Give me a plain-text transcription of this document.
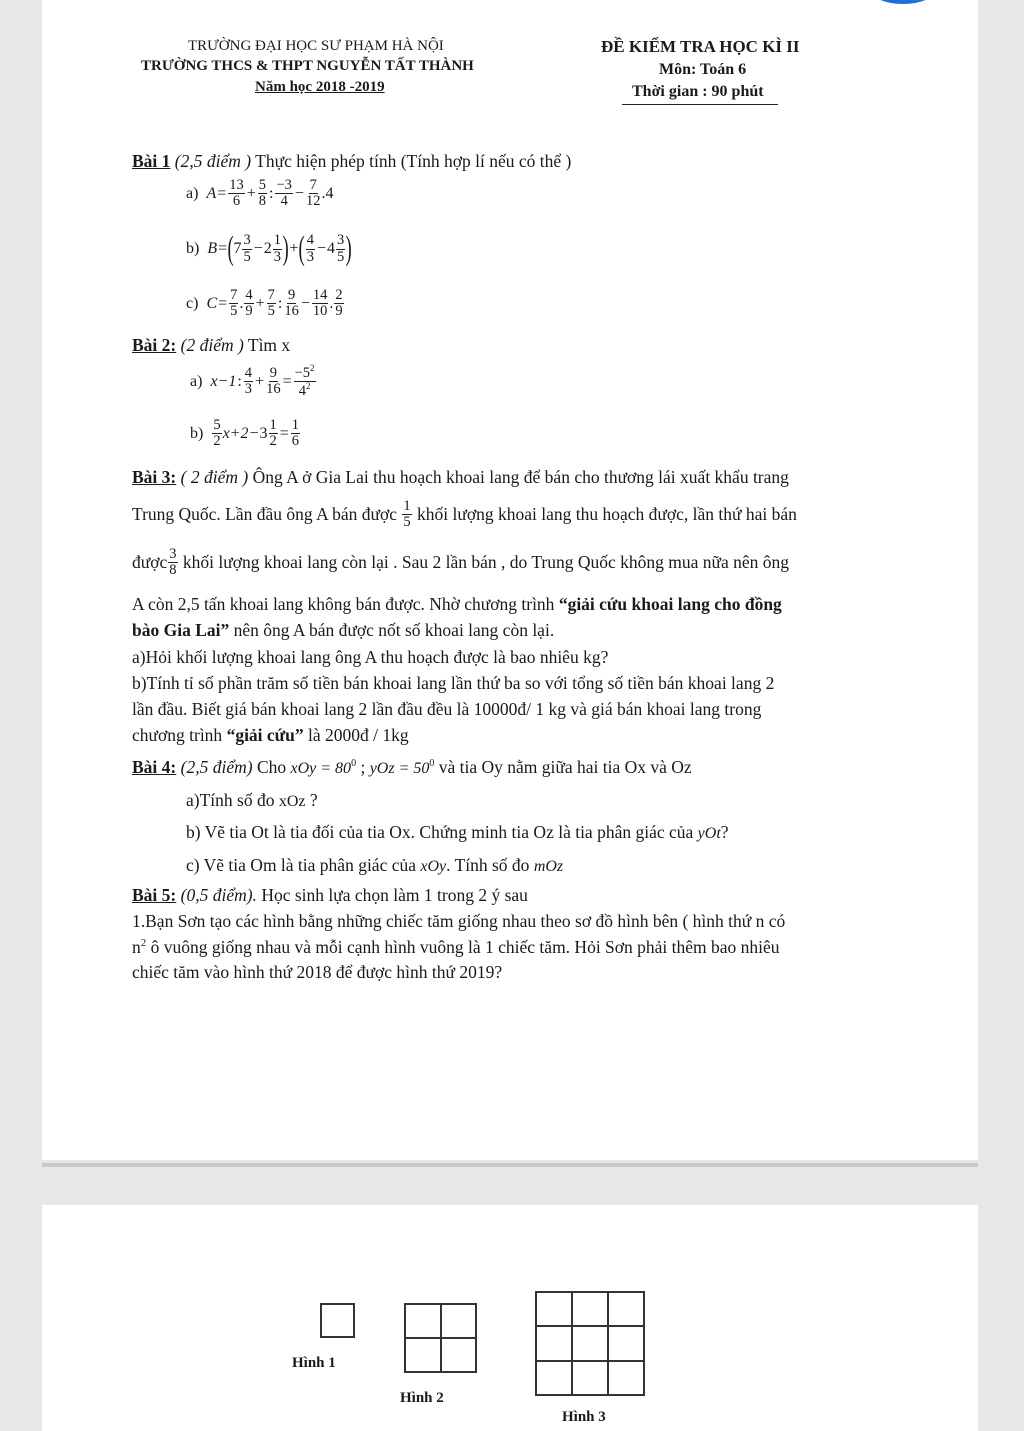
TRƯỜNG ĐẠI HỌC SƯ PHẠM HÀ NỘI
TRƯỜNG THCS & THPT NGUYỄN TẤT THÀNH
Năm học 2018 -2019
ĐỀ KIỂM TRA HỌC KÌ II
Môn: Toán 6
Thời gian : 90 phút
Bài 1 (2,5 điểm ) Thực hiện phép tính (Tính hợp lí nếu có thể )
a) $A = \frac{13}{6} + \frac{5}{8}$ : $\frac{-3}{4} - \frac{7}{12}$ . 4
b) B = ( $7 \frac{3}{5} - 2 \frac{1}{3}$ ) + ( $\frac{4}{3} - 4 \frac{3}{5}$ )
c) $C = \frac{7}{5}$ . $\frac{4}{9} + \frac{7}{5}$ : $\frac{9}{16} - \frac{14}{10}$ . $\frac{2}{9}$
Bài 2: (2 điểm ) Tìm x
a) x−1 : $\frac{4}{3} + \frac{9}{16} = \frac{-5^2}{4^2}$
$b) \frac{5}{2} x+2 - 3 \frac{1}{2} = \frac{1}{6}$
Bài 3: ( 2 điểm ) Ông A ở Gia Lai thu hoạch khoai lang để bán cho thương lái xuất khẩu trang
Trung Quốc. Lần đầu ông A bán được
$\frac{1}{5}$
khối lượng khoai lang thu hoạch được, lần thứ hai bán
được $\frac{3}{8}$
khối lượng khoai lang còn lại . Sau 2 lần bán , do Trung Quốc không mua nữa nên ông
A còn 2,5 tấn khoai lang không bán được. Nhờ chương trình “giải cứu khoai lang cho đồng
bào Gia Lai” nên ông A bán được nốt số khoai lang còn lại.
a)Hỏi khối lượng khoai lang ông A thu hoạch được là bao nhiêu kg?
b)Tính tỉ số phần trăm số tiền bán khoai lang lần thứ ba so với tổng số tiền bán khoai lang 2
lần đầu. Biết giá bán khoai lang 2 lần đầu đều là 10000đ/ 1 kg và giá bán khoai lang trong
chương trình “giải cứu” là 2000đ / 1kg
Bài 4: (2,5 điểm) Cho xOy = $80^0$ ; yOz = $50^0$ và tia Oy nằm giữa hai tia Ox và Oz
a)Tính số đo xOz ?
b) Vẽ tia Ot là tia đối của tia Ox. Chứng minh tia Oz là tia phân giác của yOt?
c) Vẽ tia Om là tia phân giác của xOy. Tính số đo mOz
Bài 5: (0,5 điểm). Học sinh lựa chọn làm 1 trong 2 ý sau
1.Bạn Sơn tạo các hình bằng những chiếc tăm giống nhau theo sơ đồ hình bên ( hình thứ n có
$n^2$ ô vuông giống nhau và mỗi cạnh hình vuông là 1 chiếc tăm. Hỏi Sơn phải thêm bao nhiêu
chiếc tăm vào hình thứ 2018 để được hình thứ 2019?
Hình 1
Hình 2
Hình 3
